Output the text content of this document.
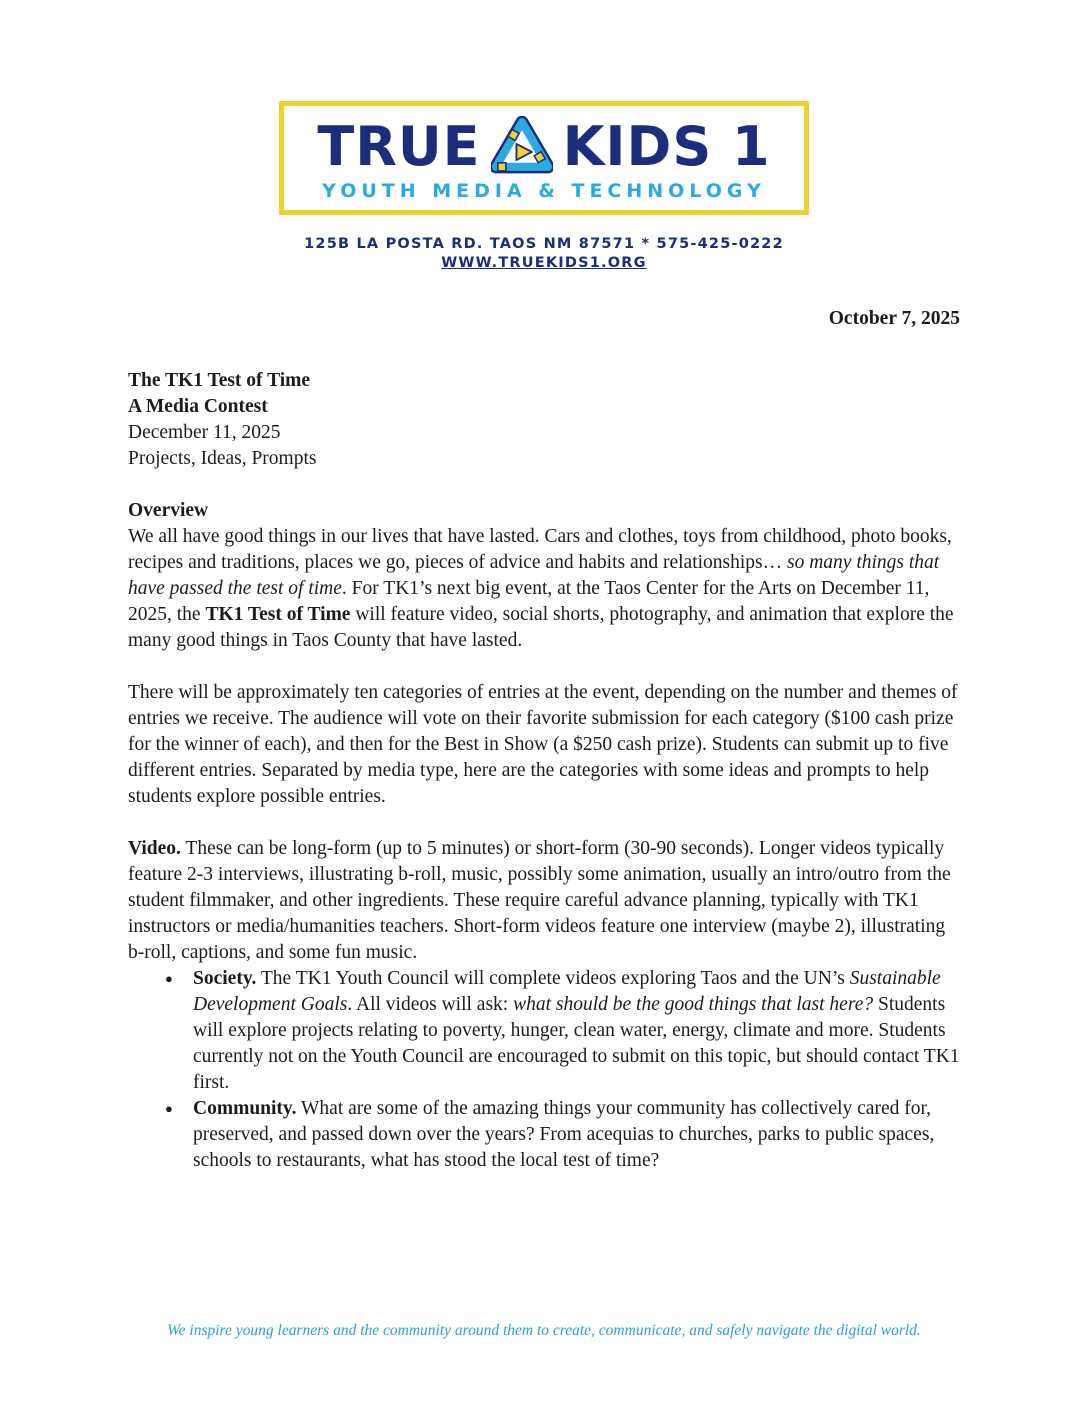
TRUE KIDS 1
YOUTH MEDIA & TECHNOLOGY
125B LA POSTA RD. TAOS NM 87571 * 575-425-0222
WWW.TRUEKIDS1.ORG
October 7, 2025
The TK1 Test of Time
A Media Contest
December 11, 2025
Projects, Ideas, Prompts
Overview
We all have good things in our lives that have lasted. Cars and clothes, toys from childhood, photo books, recipes and traditions, places we go, pieces of advice and habits and relationships… so many things that have passed the test of time. For TK1’s next big event, at the Taos Center for the Arts on December 11, 2025, the TK1 Test of Time will feature video, social shorts, photography, and animation that explore the many good things in Taos County that have lasted.
There will be approximately ten categories of entries at the event, depending on the number and themes of entries we receive. The audience will vote on their favorite submission for each category ($100 cash prize for the winner of each), and then for the Best in Show (a $250 cash prize). Students can submit up to five different entries. Separated by media type, here are the categories with some ideas and prompts to help students explore possible entries.
Video. These can be long-form (up to 5 minutes) or short-form (30-90 seconds). Longer videos typically feature 2-3 interviews, illustrating b-roll, music, possibly some animation, usually an intro/outro from the student filmmaker, and other ingredients. These require careful advance planning, typically with TK1 instructors or media/humanities teachers. Short-form videos feature one interview (maybe 2), illustrating b-roll, captions, and some fun music.
●	Society. The TK1 Youth Council will complete videos exploring Taos and the UN’s Sustainable Development Goals. All videos will ask: what should be the good things that last here? Students will explore projects relating to poverty, hunger, clean water, energy, climate and more. Students currently not on the Youth Council are encouraged to submit on this topic, but should contact TK1 first.
●	Community. What are some of the amazing things your community has collectively cared for, preserved, and passed down over the years? From acequias to churches, parks to public spaces, schools to restaurants, what has stood the local test of time?
We inspire young learners and the community around them to create, communicate, and safely navigate the digital world.
